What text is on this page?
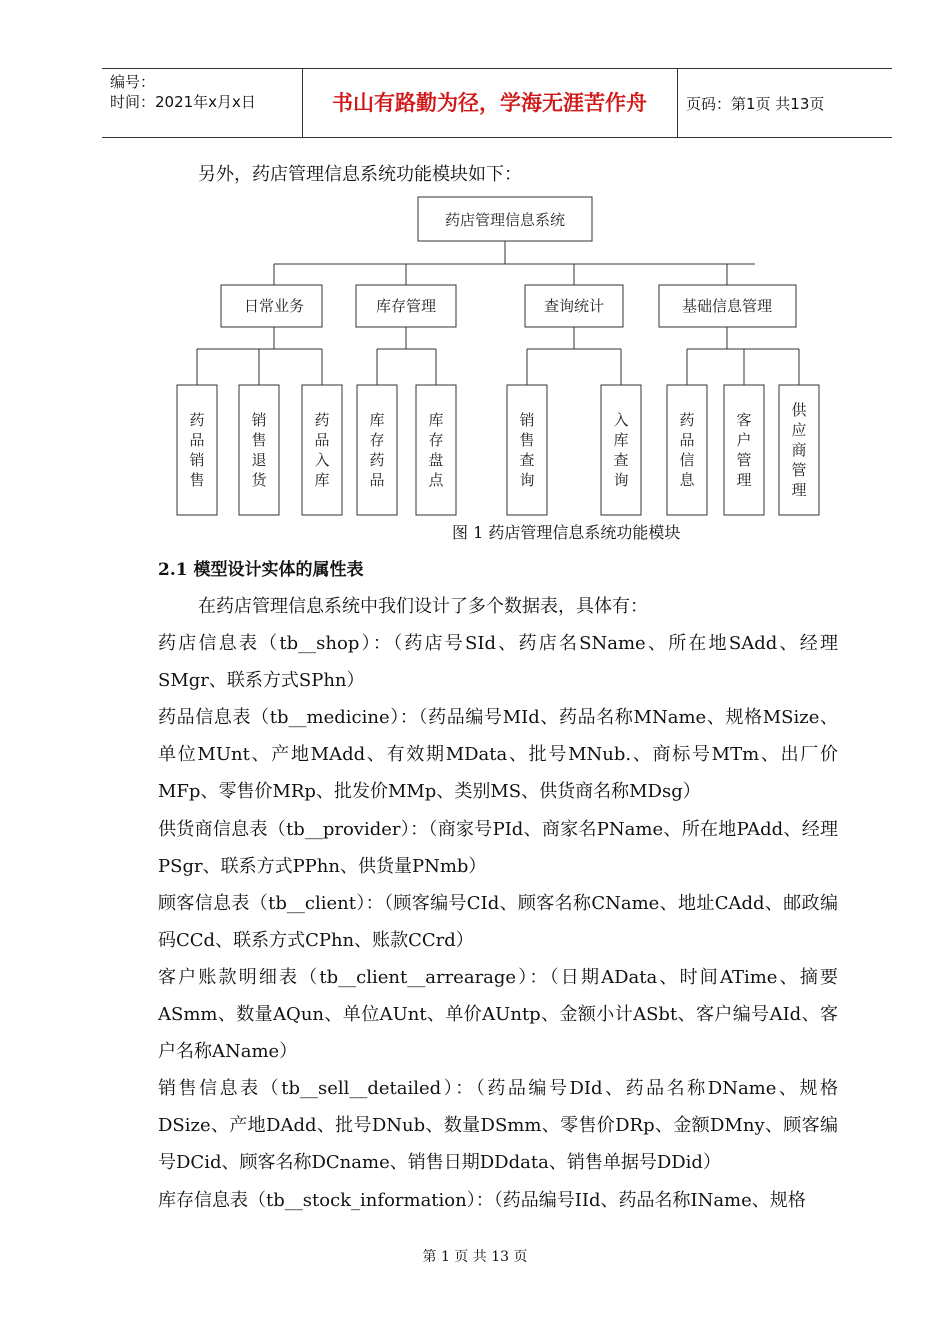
编号：
时间：2021年x月x日	书山有路勤为径，学海无涯苦作舟	页码：第1页 共13页
另外，药店管理信息系统功能模块如下：
药店管理信息系统
日常业务
药
品
销
售
销
售
退
货
药
品
入
库
库存管理
库
存
药
品
库
存
盘
点
查询统计
销
售
查
询
入
库
查
询
基础信息管理
药
品
信
息
客
户
管
理
供
应
商
管
理
图 1 药店管理信息系统功能模块
2.1 模型设计实体的属性表

在药店管理信息系统中我们设计了多个数据表，具体有：

药店信息表（tb__shop）：（药店号SId、药店名SName、所在地SAdd、经理SMgr、联系方式SPhn）

药品信息表（tb__medicine）：（药品编号MId、药品名称MName、规格MSize、单位MUnt、产地MAdd、有效期MData、批号MNub.、商标号MTm、出厂价MFp、零售价MRp、批发价MMp、类别MS、供货商名称MDsg）

供货商信息表（tb__provider）：（商家号PId、商家名PName、所在地PAdd、经理PSgr、联系方式PPhn、供货量PNmb）

顾客信息表（tb__client）：（顾客编号CId、顾客名称CName、地址CAdd、邮政编码CCd、联系方式CPhn、账款CCrd）

客户账款明细表（tb__client__arrearage）：（日期AData、时间ATime、摘要ASmm、数量AQun、单位AUnt、单价AUntp、金额小计ASbt、客户编号AId、客户名称AName）

销售信息表（tb__sell__detailed）：（药品编号DId、药品名称DName、规格DSize、产地DAdd、批号DNub、数量DSmm、零售价DRp、金额DMny、顾客编号DCid、顾客名称DCname、销售日期DDdata、销售单据号DDid）

库存信息表（tb__stock_information）：（药品编号IId、药品名称IName、规格

第 1 页 共 13 页
